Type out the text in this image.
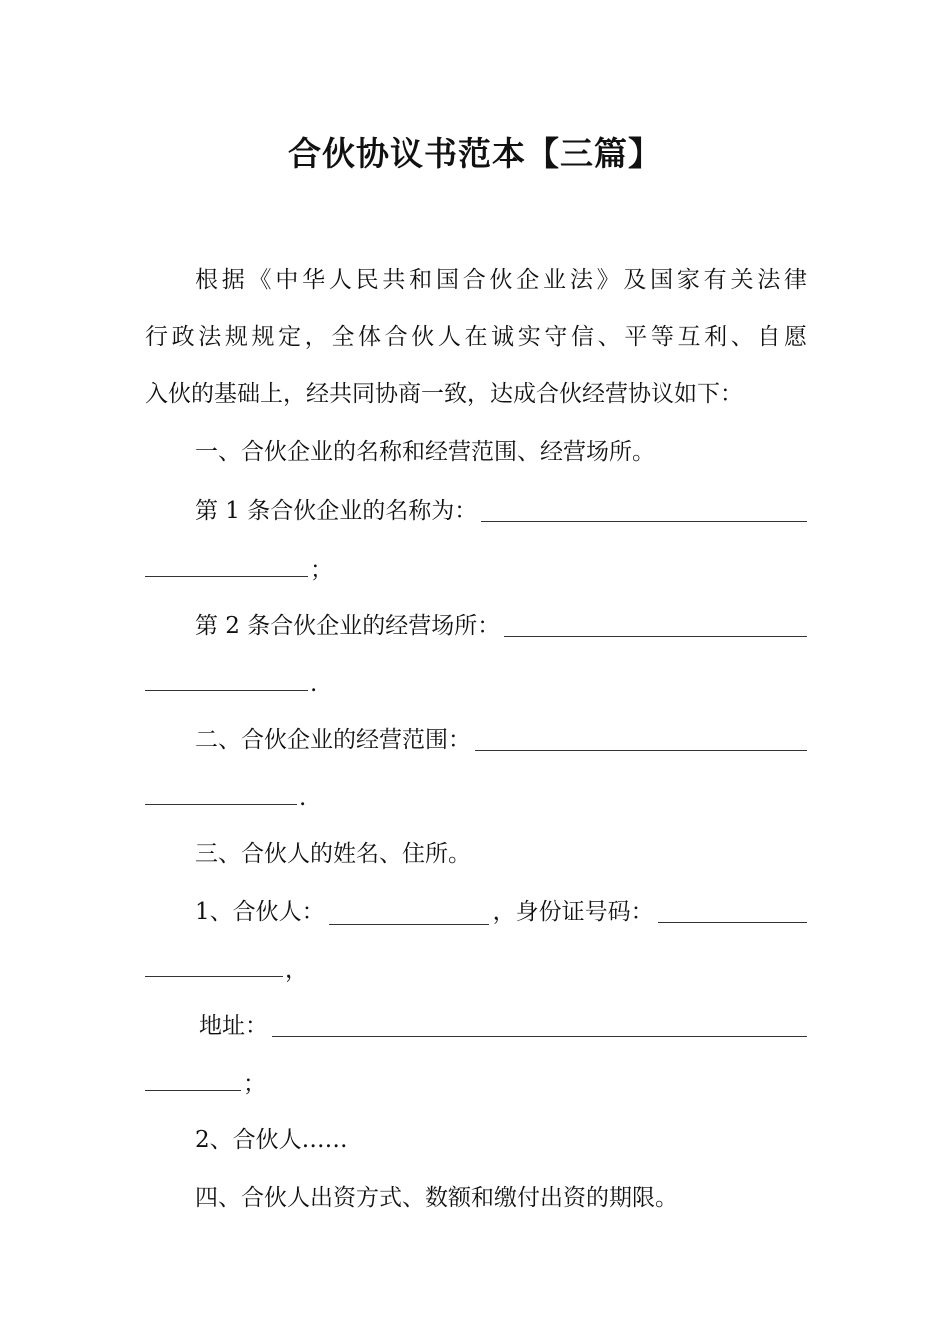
合伙协议书范本【三篇】
根据《中华人民共和国合伙企业法》及国家有关法律
行政法规规定，全体合伙人在诚实守信、平等互利、自愿
入伙的基础上，经共同协商一致，达成合伙经营协议如下：
一、合伙企业的名称和经营范围、经营场所。
第 1 条合伙企业的名称为：
；
第 2 条合伙企业的经营场所：
.
二、合伙企业的经营范围：
.
三、合伙人的姓名、住所。
1、合伙人：	，身份证号码：
，
地址：
；
2、合伙人……
四、合伙人出资方式、数额和缴付出资的期限。
